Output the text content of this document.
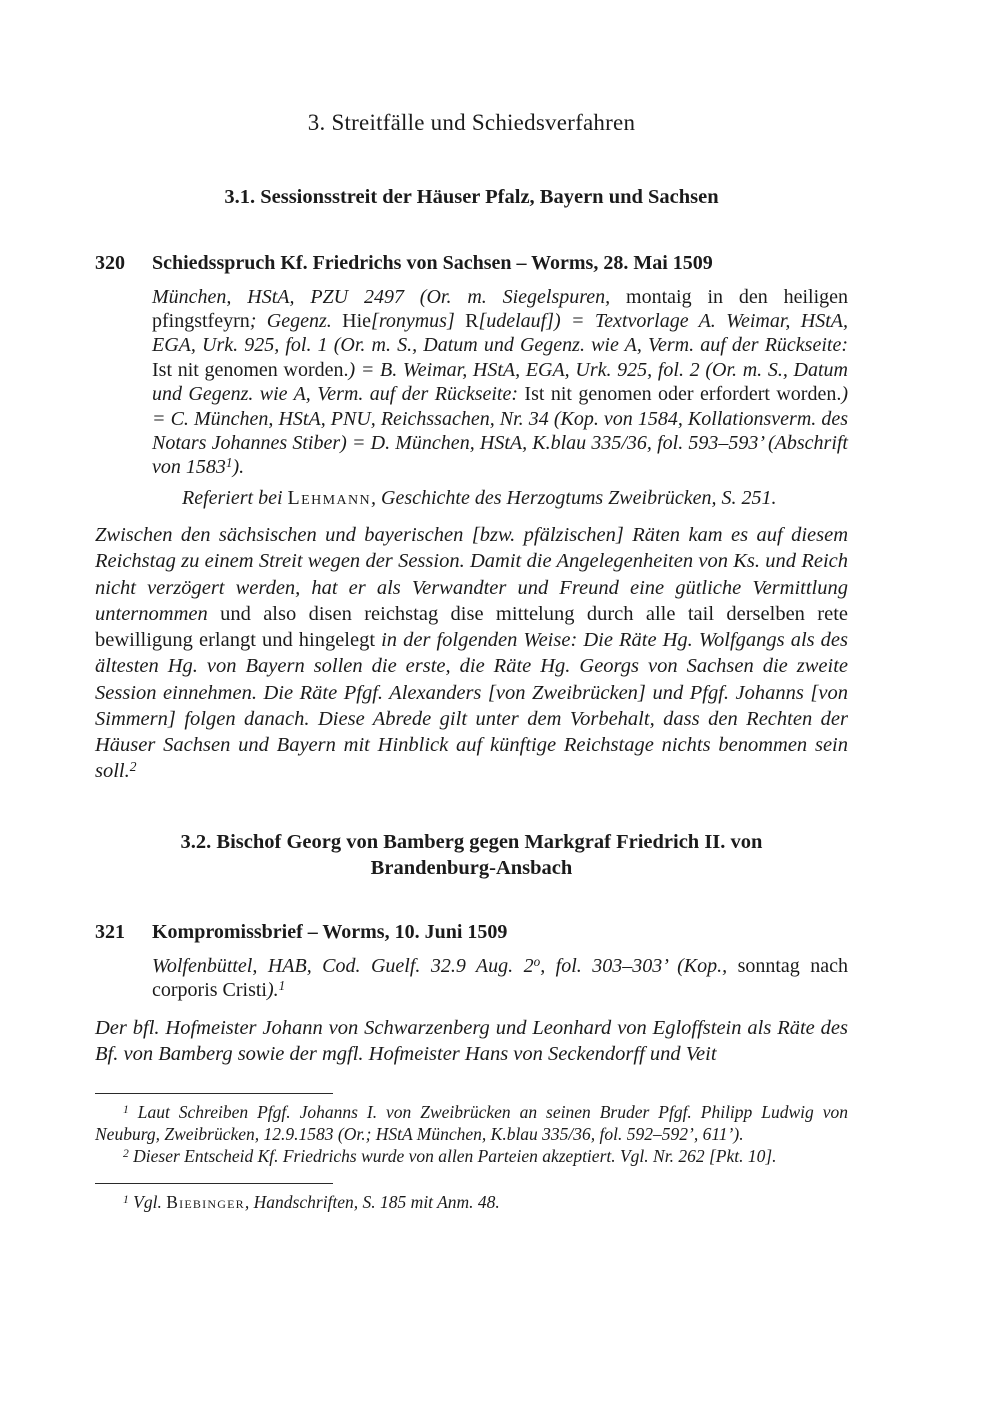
3. Streitfälle und Schiedsverfahren
3.1. Sessionsstreit der Häuser Pfalz, Bayern und Sachsen
320	Schiedsspruch Kf. Friedrichs von Sachsen – Worms, 28. Mai 1509

München, HStA, PZU 2497 (Or. m. Siegelspuren, montaig in den heiligen pfingstfeyrn; Gegenz. Hie[ronymus] R[udelauf]) = Textvorlage A. Weimar, HStA, EGA, Urk. 925, fol. 1 (Or. m. S., Datum und Gegenz. wie A, Verm. auf der Rückseite: Ist nit genomen worden.) = B. Weimar, HStA, EGA, Urk. 925, fol. 2 (Or. m. S., Datum und Gegenz. wie A, Verm. auf der Rückseite: Ist nit genomen oder erfordert worden.) = C. München, HStA, PNU, Reichssachen, Nr. 34 (Kop. von 1584, Kollationsverm. des Notars Johannes Stiber) = D. München, HStA, K.blau 335/36, fol. 593–593’ (Abschrift von 1583$^1$).

Referiert bei Lehmann, Geschichte des Herzogtums Zweibrücken, S. 251.

Zwischen den sächsischen und bayerischen [bzw. pfälzischen] Räten kam es auf diesem Reichstag zu einem Streit wegen der Session. Damit die Angelegenheiten von Ks. und Reich nicht verzögert werden, hat er als Verwandter und Freund eine gütliche Vermittlung unternommen und also disen reichstag dise mittelung durch alle tail derselben rete bewilligung erlangt und hingelegt in der folgenden Weise: Die Räte Hg. Wolfgangs als des ältesten Hg. von Bayern sollen die erste, die Räte Hg. Georgs von Sachsen die zweite Session einnehmen. Die Räte Pfgf. Alexanders [von Zweibrücken] und Pfgf. Johanns [von Simmern] folgen danach. Diese Abrede gilt unter dem Vorbehalt, dass den Rechten der Häuser Sachsen und Bayern mit Hinblick auf künftige Reichstage nichts benommen sein soll.$^2$

3.2. Bischof Georg von Bamberg gegen Markgraf Friedrich II. von Brandenburg-Ansbach
321	Kompromissbrief – Worms, 10. Juni 1509

Wolfenbüttel, HAB, Cod. Guelf. 32.9 Aug. 2$^o$, fol. 303–303’ (Kop., sonntag nach corporis Cristi).$^1$

Der bfl. Hofmeister Johann von Schwarzenberg und Leonhard von Egloffstein als Räte des Bf. von Bamberg sowie der mgfl. Hofmeister Hans von Seckendorff und Veit

$^1$ Laut Schreiben Pfgf. Johanns I. von Zweibrücken an seinen Bruder Pfgf. Philipp Ludwig von Neuburg, Zweibrücken, 12.9.1583 (Or.; HStA München, K.blau 335/36, fol. 592–592’, 611’).

$^2$ Dieser Entscheid Kf. Friedrichs wurde von allen Parteien akzeptiert. Vgl. Nr. 262 [Pkt. 10].

$^1$ Vgl. Biebinger, Handschriften, S. 185 mit Anm. 48.
